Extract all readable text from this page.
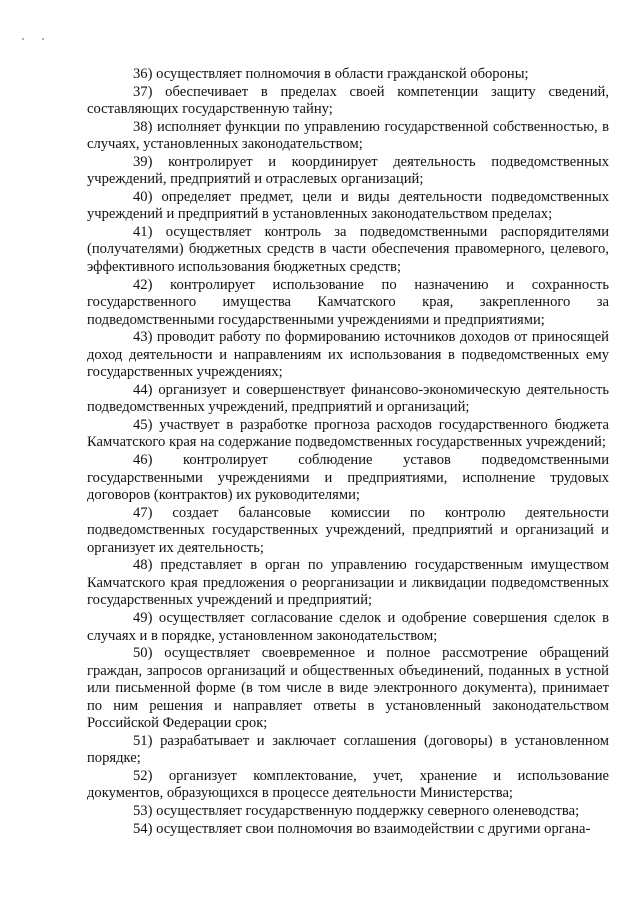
36) осуществляет полномочия в области гражданской обороны;

37) обеспечивает в пределах своей компетенции защиту сведений, составляющих государственную тайну;

38) исполняет функции по управлению государственной собственностью, в случаях, установленных законодательством;

39) контролирует и координирует деятельность подведомственных учреждений, предприятий и отраслевых организаций;

40) определяет предмет, цели и виды деятельности подведомственных учреждений и предприятий в установленных законодательством пределах;

41) осуществляет контроль за подведомственными распорядителями (получателями) бюджетных средств в части обеспечения правомерного, целевого, эффективного использования бюджетных средств;

42) контролирует использование по назначению и сохранность государственного имущества Камчатского края, закрепленного за подведомственными государственными учреждениями и предприятиями;

43) проводит работу по формированию источников доходов от приносящей доход деятельности и направлениям их использования в подведомственных ему государственных учреждениях;

44) организует и совершенствует финансово-экономическую деятельность подведомственных учреждений, предприятий и организаций;

45) участвует в разработке прогноза расходов государственного бюджета Камчатского края на содержание подведомственных государственных учреждений;

46) контролирует соблюдение уставов подведомственными государственными учреждениями и предприятиями, исполнение трудовых договоров (контрактов) их руководителями;

47) создает балансовые комиссии по контролю деятельности подведомственных государственных учреждений, предприятий и организаций и организует их деятельность;

48) представляет в орган по управлению государственным имуществом Камчатского края предложения о реорганизации и ликвидации подведомственных государственных учреждений и предприятий;

49) осуществляет согласование сделок и одобрение совершения сделок в случаях и в порядке, установленном законодательством;

50) осуществляет своевременное и полное рассмотрение обращений граждан, запросов организаций и общественных объединений, поданных в устной или письменной форме (в том числе в виде электронного документа), принимает по ним решения и направляет ответы в установленный законодательством Российской Федерации срок;

51) разрабатывает и заключает соглашения (договоры) в установленном порядке;

52) организует комплектование, учет, хранение и использование документов, образующихся в процессе деятельности Министерства;

53) осуществляет государственную поддержку северного оленеводства;

54) осуществляет свои полномочия во взаимодействии с другими органа-
